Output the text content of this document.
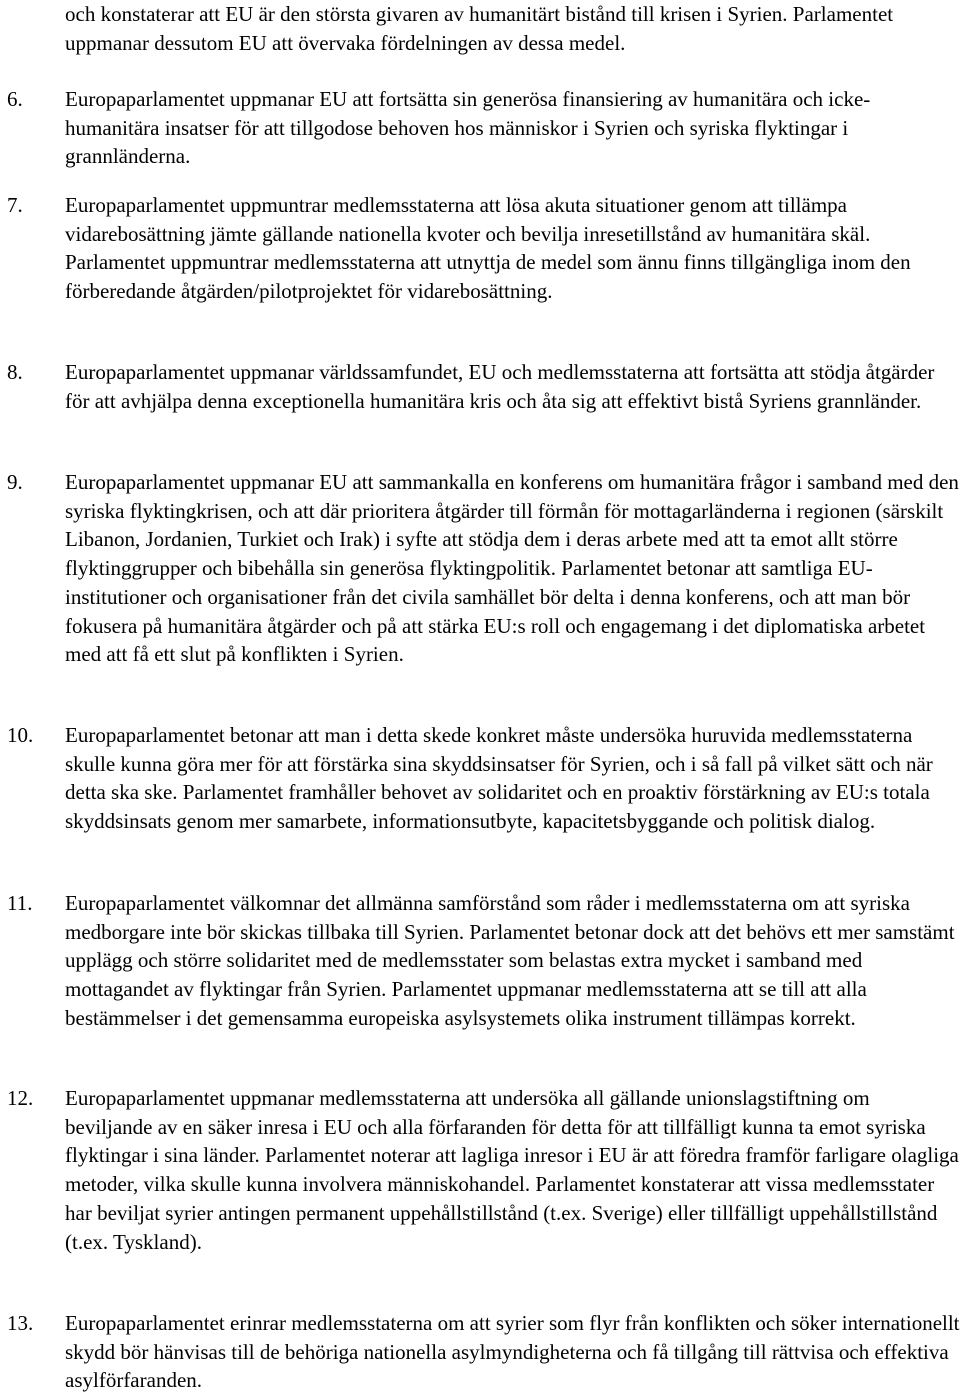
och konstaterar att EU är den största givaren av humanitärt bistånd till krisen i Syrien. Parlamentet uppmanar dessutom EU att övervaka fördelningen av dessa medel.

6.	Europaparlamentet uppmanar EU att fortsätta sin generösa finansiering av humanitära och icke-humanitära insatser för att tillgodose behoven hos människor i Syrien och syriska flyktingar i grannländerna.

7.	Europaparlamentet uppmuntrar medlemsstaterna att lösa akuta situationer genom att tillämpa vidarebosättning jämte gällande nationella kvoter och bevilja inresetillstånd av humanitära skäl. Parlamentet uppmuntrar medlemsstaterna att utnyttja de medel som ännu finns tillgängliga inom den förberedande åtgärden/pilotprojektet för vidarebosättning.

8.	Europaparlamentet uppmanar världssamfundet, EU och medlemsstaterna att fortsätta att stödja åtgärder för att avhjälpa denna exceptionella humanitära kris och åta sig att effektivt bistå Syriens grannländer.

9.	Europaparlamentet uppmanar EU att sammankalla en konferens om humanitära frågor i samband med den syriska flyktingkrisen, och att där prioritera åtgärder till förmån för mottagarländerna i regionen (särskilt Libanon, Jordanien, Turkiet och Irak) i syfte att stödja dem i deras arbete med att ta emot allt större flyktinggrupper och bibehålla sin generösa flyktingpolitik. Parlamentet betonar att samtliga EU-institutioner och organisationer från det civila samhället bör delta i denna konferens, och att man bör fokusera på humanitära åtgärder och på att stärka EU:s roll och engagemang i det diplomatiska arbetet med att få ett slut på konflikten i Syrien.

10.	Europaparlamentet betonar att man i detta skede konkret måste undersöka huruvida medlemsstaterna skulle kunna göra mer för att förstärka sina skyddsinsatser för Syrien, och i så fall på vilket sätt och när detta ska ske. Parlamentet framhåller behovet av solidaritet och en proaktiv förstärkning av EU:s totala skyddsinsats genom mer samarbete, informationsutbyte, kapacitetsbyggande och politisk dialog.

11.	Europaparlamentet välkomnar det allmänna samförstånd som råder i medlemsstaterna om att syriska medborgare inte bör skickas tillbaka till Syrien. Parlamentet betonar dock att det behövs ett mer samstämt upplägg och större solidaritet med de medlemsstater som belastas extra mycket i samband med mottagandet av flyktingar från Syrien. Parlamentet uppmanar medlemsstaterna att se till att alla bestämmelser i det gemensamma europeiska asylsystemets olika instrument tillämpas korrekt.

12.	Europaparlamentet uppmanar medlemsstaterna att undersöka all gällande unionslagstiftning om beviljande av en säker inresa i EU och alla förfaranden för detta för att tillfälligt kunna ta emot syriska flyktingar i sina länder. Parlamentet noterar att lagliga inresor i EU är att föredra framför farligare olagliga metoder, vilka skulle kunna involvera människohandel. Parlamentet konstaterar att vissa medlemsstater har beviljat syrier antingen permanent uppehållstillstånd (t.ex. Sverige) eller tillfälligt uppehållstillstånd (t.ex. Tyskland).

13.	Europaparlamentet erinrar medlemsstaterna om att syrier som flyr från konflikten och söker internationellt skydd bör hänvisas till de behöriga nationella asylmyndigheterna och få tillgång till rättvisa och effektiva asylförfaranden.
